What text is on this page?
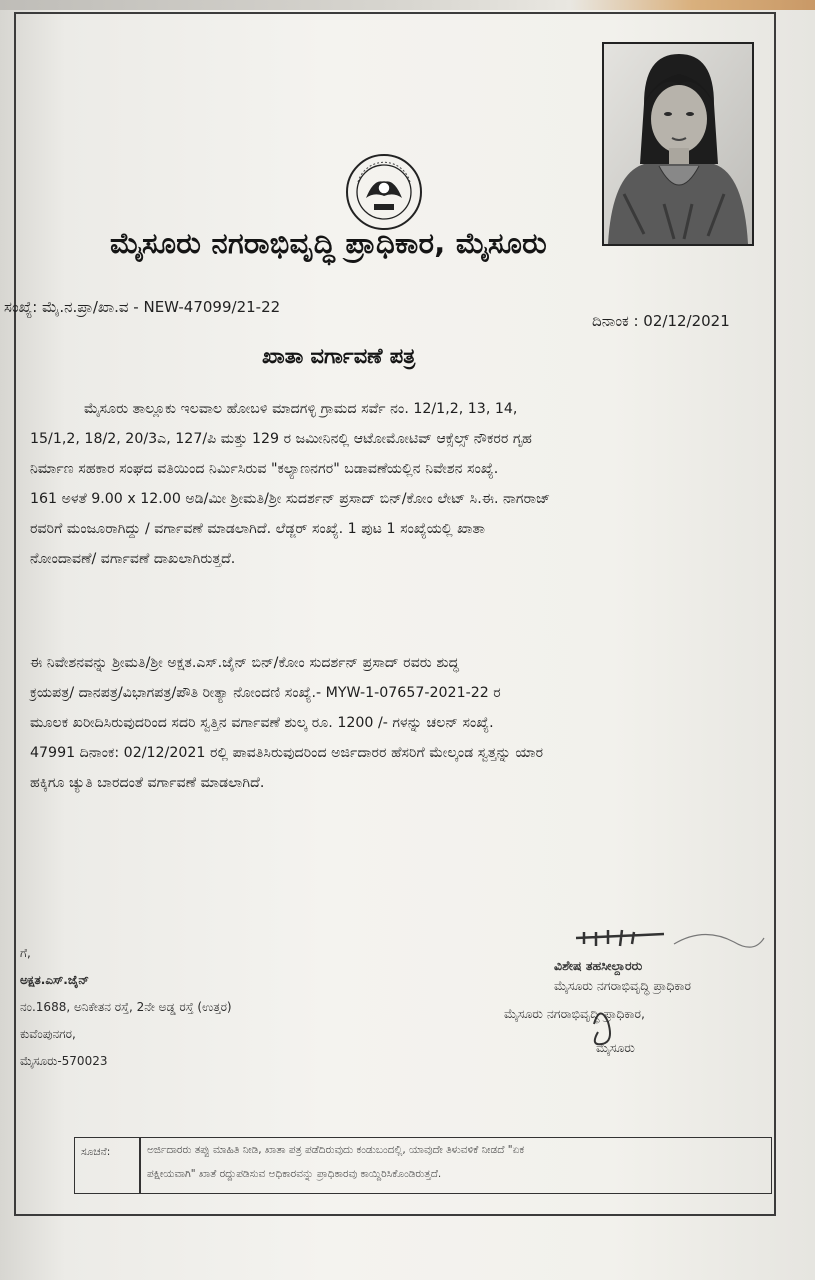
ಮೈಸೂರು ನಗರಾಭಿವೃದ್ಧಿ ಪ್ರಾಧಿಕಾರ, ಮೈಸೂರು
ಸಂಖ್ಯೆ: ಮೈ.ನ.ಪ್ರಾ/ಖಾ.ವ - NEW-47099/21-22
ದಿನಾಂಕ : 02/12/2021
ಖಾತಾ ವರ್ಗಾವಣೆ ಪತ್ರ
ಮೈಸೂರು ತಾಲ್ಲೂಕು ಇಲವಾಲ ಹೋಬಳಿ ಮಾದಗಳ್ಳಿ ಗ್ರಾಮದ ಸರ್ವೆ ನಂ. 12/1,2, 13, 14,
15/1,2, 18/2, 20/3ಎ, 127/ಪಿ ಮತ್ತು 129 ರ ಜಮೀನಿನಲ್ಲಿ ಆಟೋಮೋಟಿವ್ ಆಕ್ಸೆಲ್ಸ್ ನೌಕರರ ಗೃಹ
ನಿರ್ಮಾಣ ಸಹಕಾರ ಸಂಘದ ವತಿಯಿಂದ ನಿರ್ಮಿಸಿರುವ "ಕಲ್ಯಾಣನಗರ" ಬಡಾವಣೆಯಲ್ಲಿನ ನಿವೇಶನ ಸಂಖ್ಯೆ.
161 ಅಳತೆ 9.00 x 12.00 ಅಡಿ/ಮೀ ಶ್ರೀಮತಿ/ಶ್ರೀ ಸುದರ್ಶನ್ ಪ್ರಸಾದ್ ಬಿನ್/ಕೋಂ ಲೇಟ್ ಸಿ.ಈ. ನಾಗರಾಜ್
ರವರಿಗೆ ಮಂಜೂರಾಗಿದ್ದು / ವರ್ಗಾವಣೆ ಮಾಡಲಾಗಿದೆ. ಲೆಡ್ಜರ್ ಸಂಖ್ಯೆ. 1 ಪುಟ 1 ಸಂಖ್ಯೆಯಲ್ಲಿ ಖಾತಾ
ನೋಂದಾವಣೆ/ ವರ್ಗಾವಣೆ ದಾಖಲಾಗಿರುತ್ತದೆ.
ಈ ನಿವೇಶನವನ್ನು ಶ್ರೀಮತಿ/ಶ್ರೀ ಅಕ್ಷತ.ಎಸ್.ಜೈನ್ ಬಿನ್/ಕೋಂ ಸುದರ್ಶನ್ ಪ್ರಸಾದ್ ರವರು ಶುದ್ಧ
ಕ್ರಯಪತ್ರ/ ದಾನಪತ್ರ/ವಿಭಾಗಪತ್ರ/ಪೌತಿ ರೀತ್ಯಾ ನೋಂದಣಿ ಸಂಖ್ಯೆ.- MYW-1-07657-2021-22 ರ
ಮೂಲಕ ಖರೀದಿಸಿರುವುದರಿಂದ ಸದರಿ ಸ್ವತ್ತಿನ ವರ್ಗಾವಣೆ ಶುಲ್ಕ ರೂ. 1200 /- ಗಳನ್ನು ಚಲನ್ ಸಂಖ್ಯೆ.
47991 ದಿನಾಂಕ: 02/12/2021 ರಲ್ಲಿ ಪಾವತಿಸಿರುವುದರಿಂದ ಅರ್ಜಿದಾರರ ಹೆಸರಿಗೆ ಮೇಲ್ಕಂಡ ಸ್ವತ್ತನ್ನು ಯಾರ
ಹಕ್ಕಿಗೂ ಚ್ಯುತಿ ಬಾರದಂತೆ ವರ್ಗಾವಣೆ ಮಾಡಲಾಗಿದೆ.
ಗೆ,
ಅಕ್ಷತ.ಎಸ್.ಜೈನ್
ನಂ.1688, ಅನಿಕೇತನ ರಸ್ತೆ, 2ನೇ ಅಡ್ಡ ರಸ್ತೆ (ಉತ್ತರ)
ಕುವೆಂಪುನಗರ,
ಮೈಸೂರು-570023
ವಿಶೇಷ ತಹಸೀಲ್ದಾರರು
ಮೈಸೂರು ನಗರಾಭಿವೃದ್ಧಿ ಪ್ರಾಧಿಕಾರ
ಮೈಸೂರು ನಗರಾಭಿವೃದ್ಧಿ ಪ್ರಾಧಿಕಾರ,
ಮೈಸೂರು
ಸೂಚನೆ:	ಅರ್ಜಿದಾರರು ತಪ್ಪು ಮಾಹಿತಿ ನೀಡಿ, ಖಾತಾ ಪತ್ರ ಪಡೆದಿರುವುದು ಕಂಡುಬಂದಲ್ಲಿ, ಯಾವುದೇ ತಿಳುವಳಿಕೆ ನೀಡದೆ "ಏಕ
ಪಕ್ಷೀಯವಾಗಿ" ಖಾತೆ ರದ್ದುಪಡಿಸುವ ಅಧಿಕಾರವನ್ನು ಪ್ರಾಧಿಕಾರವು ಕಾಯ್ದಿರಿಸಿಕೊಂಡಿರುತ್ತದೆ.
